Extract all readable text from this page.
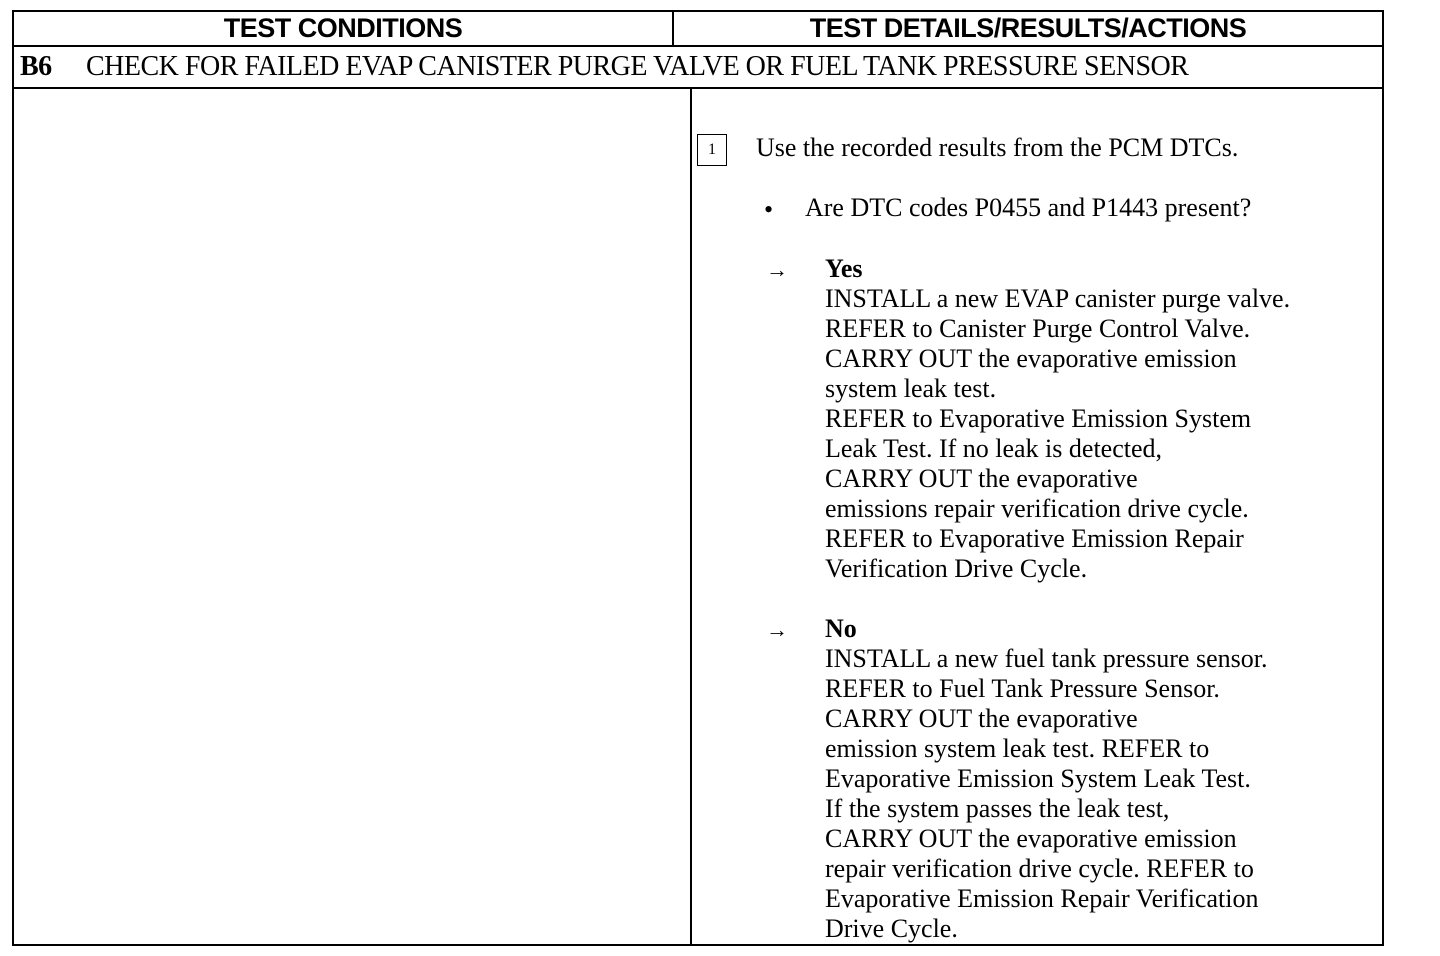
TEST CONDITIONS	TEST DETAILS/RESULTS/ACTIONS
B6	CHECK FOR FAILED EVAP CANISTER PURGE VALVE OR FUEL TANK PRESSURE SENSOR
1	Use the recorded results from the PCM DTCs.
• Are DTC codes P0455 and P1443 present?
→ Yes
INSTALL a new EVAP canister purge valve.
REFER to Canister Purge Control Valve.
CARRY OUT the evaporative emission
system leak test.
REFER to Evaporative Emission System
Leak Test. If no leak is detected,
CARRY OUT the evaporative
emissions repair verification drive cycle.
REFER to Evaporative Emission Repair
Verification Drive Cycle.
→ No
INSTALL a new fuel tank pressure sensor.
REFER to Fuel Tank Pressure Sensor.
CARRY OUT the evaporative
emission system leak test. REFER to
Evaporative Emission System Leak Test.
If the system passes the leak test,
CARRY OUT the evaporative emission
repair verification drive cycle. REFER to
Evaporative Emission Repair Verification
Drive Cycle.
